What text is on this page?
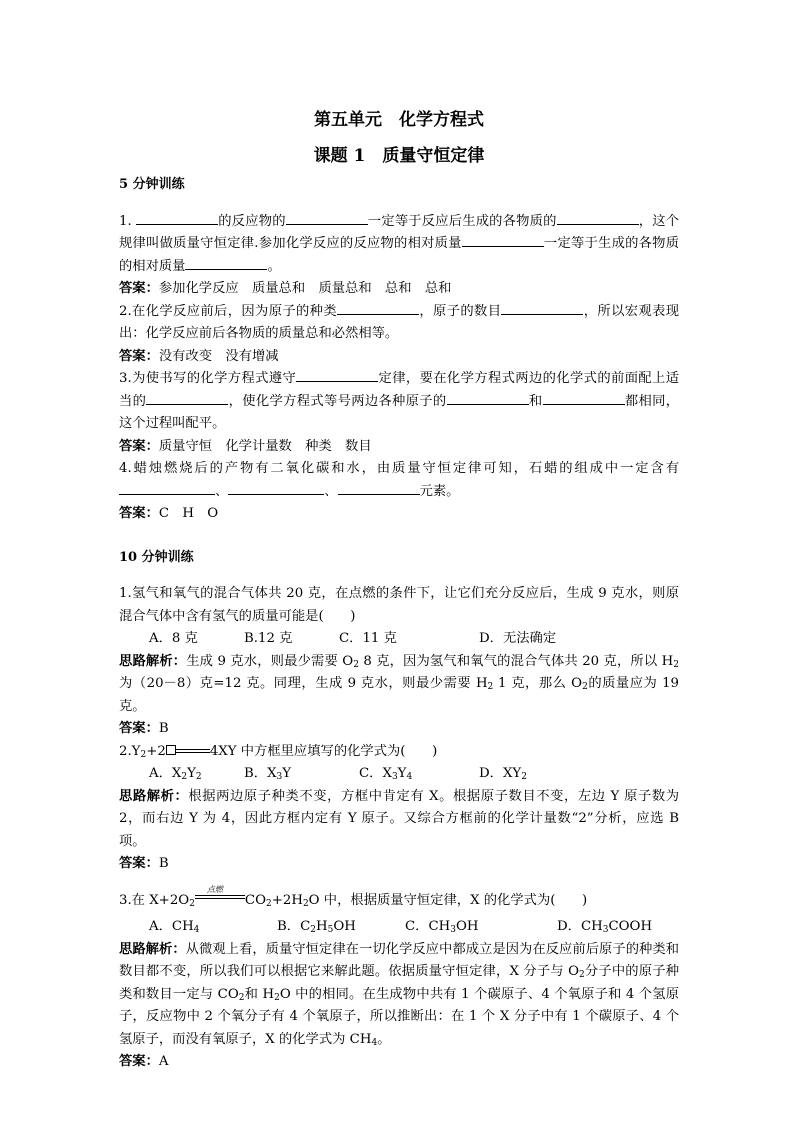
第五单元　化学方程式
课题 1　质量守恒定律
5 分钟训练

1.	的反应物的	一定等于反应后生成的各物质的	，这个规律叫做质量守恒定律.参加化学反应的反应物的相对质量	一定等于生成的各物质的相对质量	。

答案：参加化学反应　质量总和　质量总和　总和　总和

2.在化学反应前后，因为原子的种类	，原子的数目	，所以宏观表现出：化学反应前后各物质的质量总和必然相等。

答案：没有改变　没有增减

3.为使书写的化学方程式遵守	定律，要在化学方程式两边的化学式的前面配上适当的	，使化学方程式等号两边各种原子的	和	都相同，这个过程叫配平。

答案：质量守恒　化学计量数　种类　数目

4.蜡烛燃烧后的产物有二氧化碳和水，由质量守恒定律可知，石蜡的组成中一定含有、	、	元素。

答案：C　H　O

10 分钟训练

1.氢气和氧气的混合气体共 20 克，在点燃的条件下，让它们充分反应后，生成 9 克水，则原混合气体中含有氢气的质量可能是(　　)

A．8 克	B.12 克	C．11 克	D．无法确定

思路解析：生成 9 克水，则最少需要 $O_2$ 8 克，因为氢气和氧气的混合气体共 20 克，所以 $H_2$为（20－8）克=12 克。同理，生成 9 克水，则最少需要 $H_2$ 1 克，那么 $O_2$的质量应为 19 克。

答案：B

$2.Y_2+2$	4XY 中方框里应填写的化学式为(　　)

A．$X_2Y_2$	B．$X_3Y$	C．$X_3Y_4$	D．$XY_2$

思路解析：根据两边原子种类不变，方框中肯定有 X。根据原子数目不变，左边 Y 原子数为 2，而右边 Y 为 4，因此方框内定有 Y 原子。又综合方框前的化学计量数“2”分析，应选 B 项。

答案：B

3.在 $X+2O_2$
点燃
$CO_2+2H_2O$ 中，根据质量守恒定律，X 的化学式为(　　)

A．$CH_4$	B．$C_2H_5OH$	C．$CH_3OH$	D．$CH_3COOH$

思路解析：从微观上看，质量守恒定律在一切化学反应中都成立是因为在反应前后原子的种类和数目都不变，所以我们可以根据它来解此题。依据质量守恒定律，X 分子与 $O_2$分子中的原子种类和数目一定与 $CO_2$和 $H_2O$ 中的相同。在生成物中共有 1 个碳原子、4 个氧原子和 4 个氢原子，反应物中 2 个氧分子有 4 个氧原子，所以推断出：在 1 个 X 分子中有 1 个碳原子、4 个氢原子，而没有氧原子，X 的化学式为 $CH_4$。

答案：A
